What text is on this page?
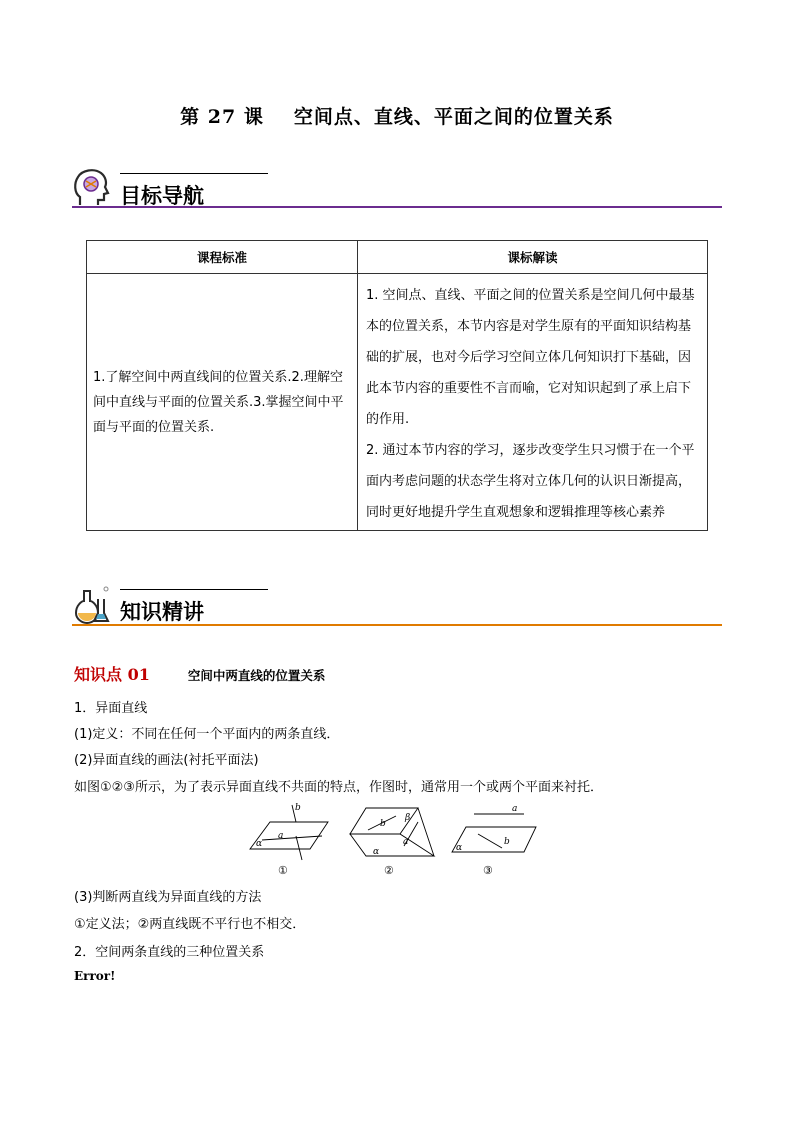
第 27 课 空间点、直线、平面之间的位置关系
目标导航
课程标准	课标解读
1.了解空间中两直线间的位置关系.2.理解空间中直线与平面的位置关系.3.掌握空间中平面与平面的位置关系.	1. 空间点、直线、平面之间的位置关系是空间几何中最基本的位置关系，本节内容是对学生原有的平面知识结构基础的扩展，也对今后学习空间立体几何知识打下基础，因此本节内容的重要性不言而喻，它对知识起到了承上启下的作用.
2. 通过本节内容的学习，逐步改变学生只习惯于在一个平面内考虑问题的状态学生将对立体几何的认识日渐提高，同时更好地提升学生直观想象和逻辑推理等核心素养
知识精讲
知识点 01	空间中两直线的位置关系
1．异面直线
(1)定义：不同在任何一个平面内的两条直线．
(2)异面直线的画法(衬托平面法)
如图①②③所示，为了表示异面直线不共面的特点，作图时，通常用一个或两个平面来衬托．
b
a
α
b
β
a
α
a
b
α
①	②	③
(3)判断两直线为异面直线的方法
①定义法；②两直线既不平行也不相交．
2．空间两条直线的三种位置关系
Error!
